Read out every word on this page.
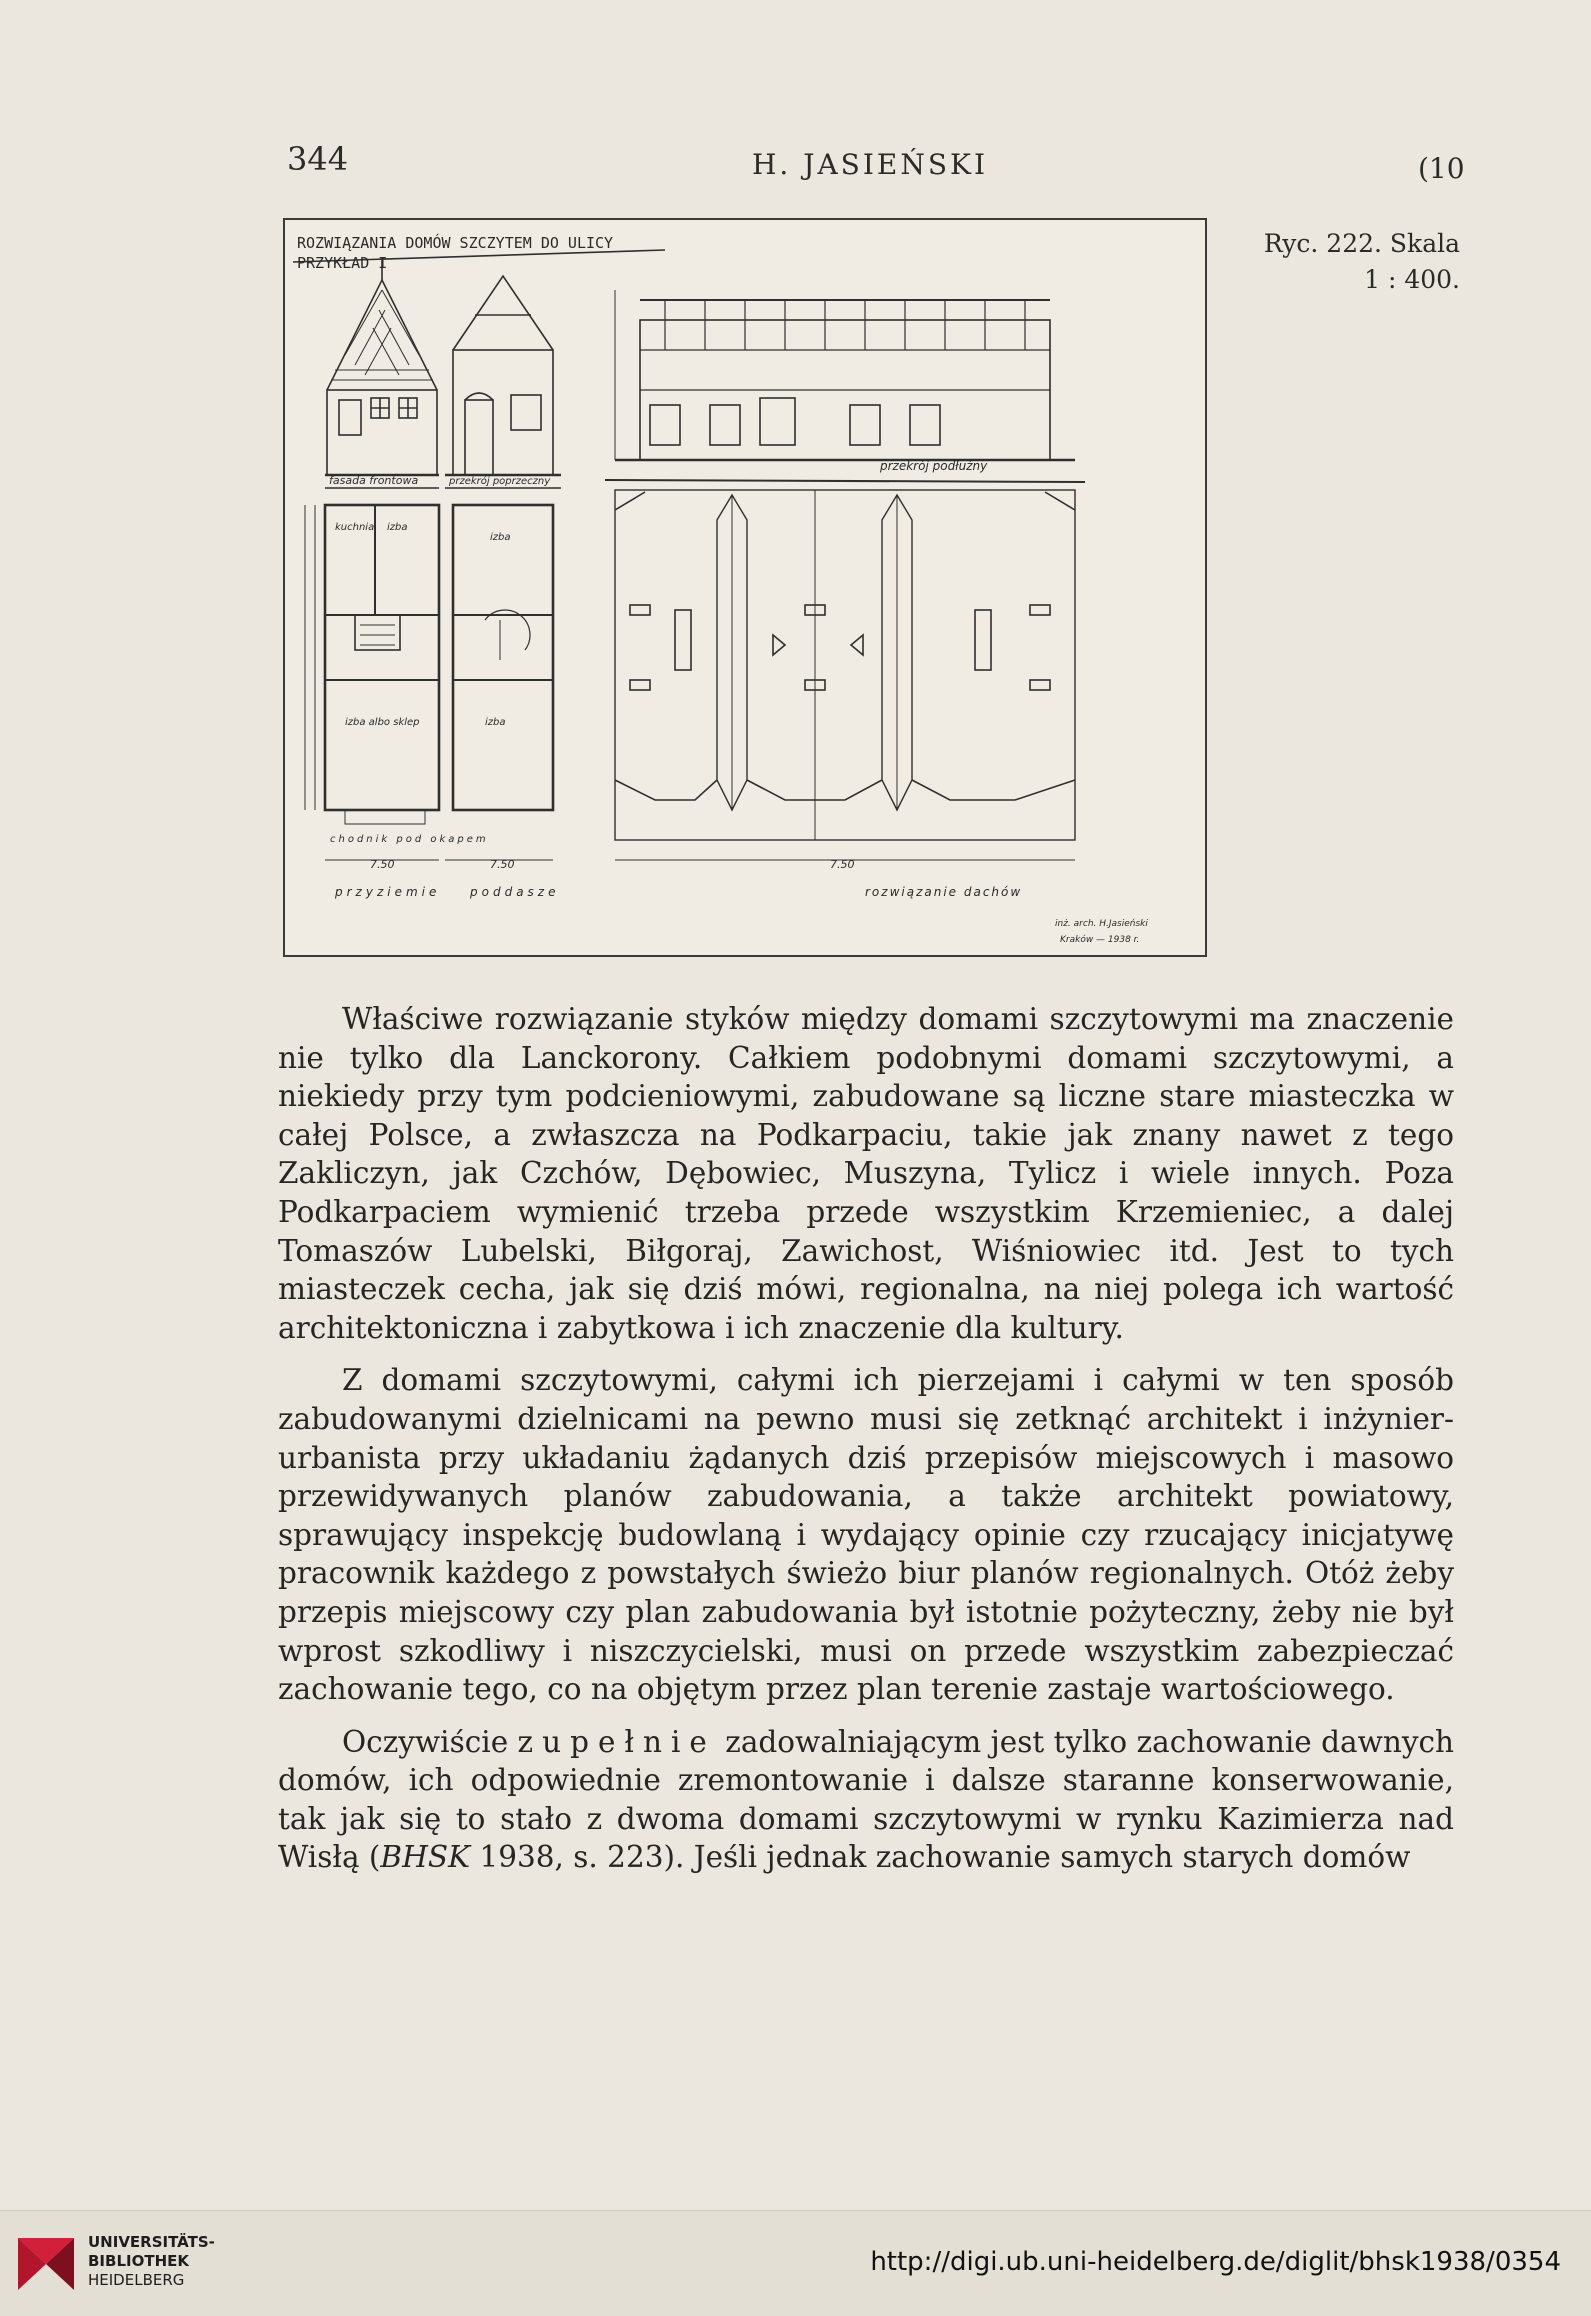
344	H. JASIEŃSKI	(10
ROZWIĄZANIA DOMÓW SZCZYTEM DO ULICY
PRZYKŁAD I
fasada frontowa	przekrój poprzeczny
przekrój podłużny
kuchnia izba
izba
izba albo sklep	izba
chodnik pod okapem
7.50	7.50	7.50
przyziemie poddasze	rozwiązanie dachów
inż. arch. H.Jasieński
Kraków — 1938 r.
Ryc. 222. Skala
1 : 400.

Właściwe rozwiązanie styków między domami szczytowymi ma znaczenie nie tylko dla Lanckorony. Całkiem podobnymi domami szczytowymi, a niekiedy przy tym podcieniowymi, zabudowane są liczne stare miasteczka w całej Polsce, a zwłaszcza na Podkarpaciu, takie jak znany nawet z tego Zakliczyn, jak Czchów, Dębowiec, Muszyna, Tylicz i wiele innych. Poza Podkarpaciem wymienić trzeba przede wszystkim Krzemieniec, a dalej Tomaszów Lubelski, Biłgoraj, Zawichost, Wiśniowiec itd. Jest to tych miasteczek cecha, jak się dziś mówi, regionalna, na niej polega ich wartość architektoniczna i zabytkowa i ich znaczenie dla kultury.

Z domami szczytowymi, całymi ich pierzejami i całymi w ten sposób zabudowanymi dzielnicami na pewno musi się zetknąć architekt i inżynier-urbanista przy układaniu żądanych dziś przepisów miejscowych i masowo przewidywanych planów zabudowania, a także architekt powiatowy, sprawujący inspekcję budowlaną i wydający opinie czy rzucający inicjatywę pracownik każdego z powstałych świeżo biur planów regionalnych. Otóż żeby przepis miejscowy czy plan zabudowania był istotnie pożyteczny, żeby nie był wprost szkodliwy i niszczycielski, musi on przede wszystkim zabezpieczać zachowanie tego, co na objętym przez plan terenie zastaje wartościowego.

Oczywiście zupełnie zadowalniającym jest tylko zachowanie dawnych domów, ich odpowiednie zremontowanie i dalsze staranne konserwowanie, tak jak się to stało z dwoma domami szczytowymi w rynku Kazimierza nad Wisłą (BHSK 1938, s. 223). Jeśli jednak zachowanie samych starych domów

UNIVERSITÄTS-
BIBLIOTHEK
HEIDELBERG
http://digi.ub.uni-heidelberg.de/diglit/bhsk1938/0354
